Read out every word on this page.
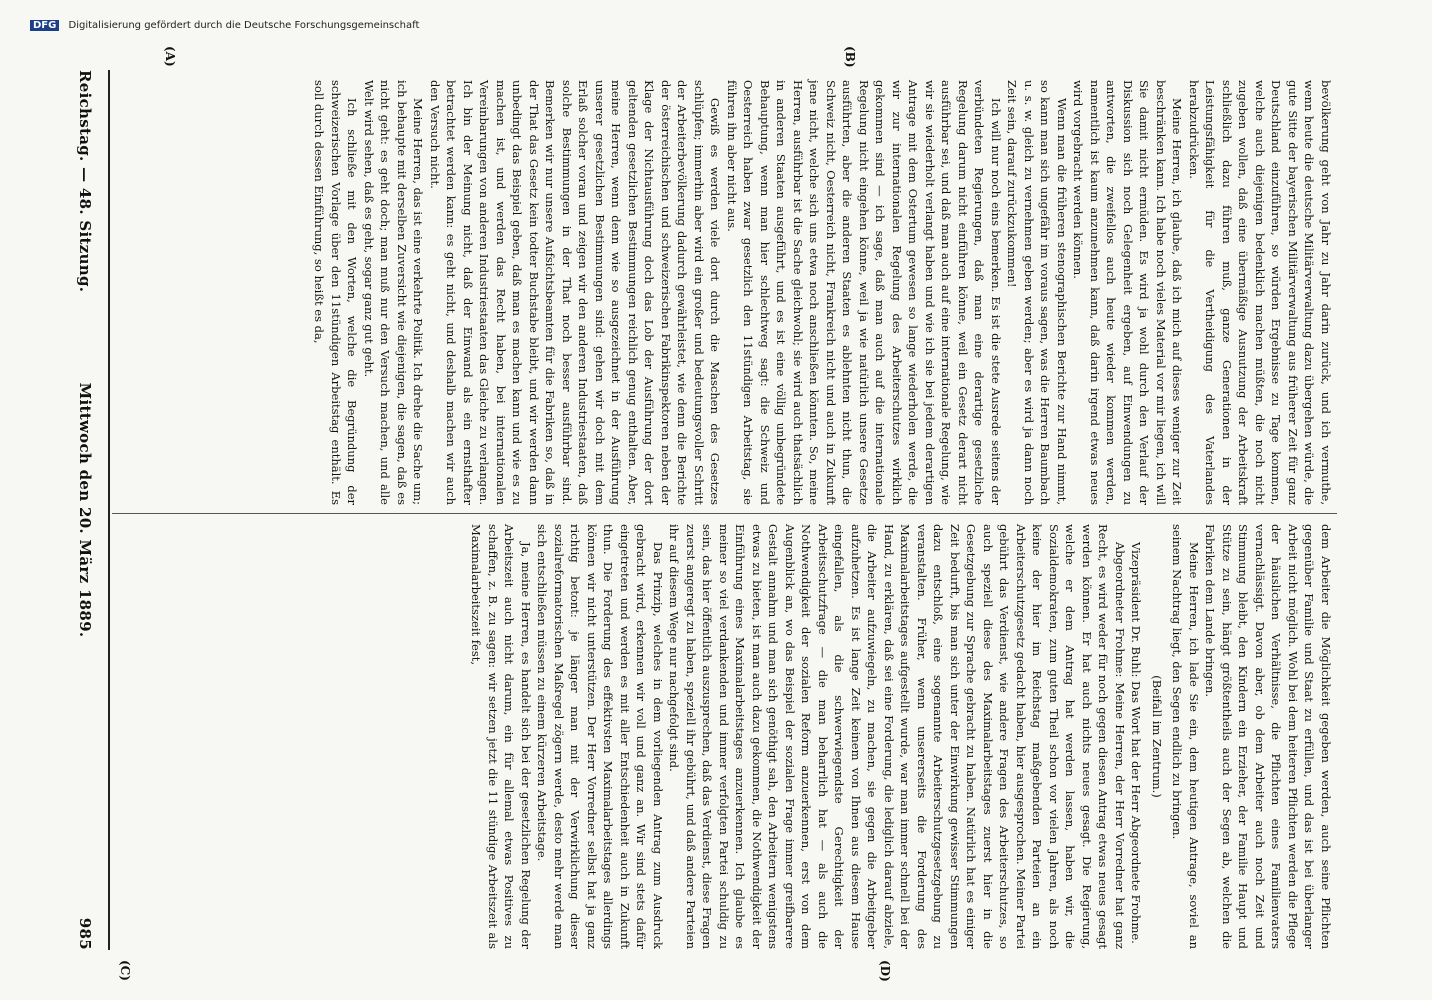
Reichstag. — 48. Sitzung.
Mittwoch den 20. März 1889.
985
(A)	(B)
(C)	(D)

bevölkerung geht von Jahr zu Jahr darin zurück, und ich vermuthe, wenn heute die deutsche Militärverwaltung dazu übergehen würde, die gute Sitte der bayerischen Militärverwaltung aus früherer Zeit für ganz Deutschland einzuführen, so würden Ergebnisse zu Tage kommen, welche auch diejenigen bedenklich machen müßten, die noch nicht zugeben wollen, daß eine übermäßige Ausnutzung der Arbeitskraft schließlich dazu führen muß, ganze Generationen in der Leistungsfähigkeit für die Vertheidigung des Vaterlandes herabzudrücken.

Meine Herren, ich glaube, daß ich mich auf dieses weniger zur Zeit beschränken kann. Ich habe noch vieles Material vor mir liegen, ich will Sie damit nicht ermüden. Es wird ja wohl durch den Verlauf der Diskussion sich noch Gelegenheit ergeben, auf Einwendungen zu antworten, die zweifellos auch heute wieder kommen werden, namentlich ist kaum anzunehmen kann, daß darin irgend etwas neues wird vorgebracht werden können.

Wenn man die früheren stenographischen Berichte zur Hand nimmt, so kann man sich ungefähr im voraus sagen, was die Herren Baumbach u. s. w. gleich zu vernehmen geben werden; aber es wird ja dann noch Zeit sein, darauf zurückzukommen!

Ich will nur noch eins bemerken. Es ist die stete Ausrede seitens der verbündeten Regierungen, daß man eine derartige gesetzliche Regelung darum nicht einführen könne, weil ein Gesetz derart nicht ausführbar sei, und daß man auch auf eine internationale Regelung, wie wir sie wiederholt verlangt haben und wie ich sie bei jedem derartigen Antrage mit dem Ostertum gewesen so lange wiederholen werde, die wir zur internationalen Regelung des Arbeiterschutzes wirklich gekommen sind — ich sage, daß man auch auf die internationale Regelung nicht eingehen könne, weil ja wie natürlich unsere Gesetze ausführten, aber die anderen Staaten es ablehnten nicht thun, die Schweiz nicht, Oesterreich nicht, Frankreich nicht und auch in Zukunft jene nicht, welche sich uns etwa noch anschließen könnten. So, meine Herren, ausführbar ist die Sache gleichwohl; sie wird auch thatsächlich in anderen Staaten ausgeführt, und es ist eine völlig unbegründete Behauptung, wenn man hier schlechtweg sagt: die Schweiz und Oesterreich haben zwar gesetzlich den 11stündigen Arbeitstag, sie führen ihn aber nicht aus.

Gewiß es werden viele dort durch die Maschen des Gesetzes schlüpfen; immerhin aber wird ein großer und bedeutungsvoller Schritt der Arbeiterbevölkerung dadurch gewährleistet, wie denn die Berichte der österreichischen und schweizerischen Fabrikinspektoren neben der Klage der Nichtausführung doch das Lob der Ausführung der dort geltenden gesetzlichen Bestimmungen reichlich genug enthalten. Aber, meine Herren, wenn denn wie so ausgezeichnet in der Ausführung unserer gesetzlichen Bestimmungen sind: gehen wir doch mit dem Erlaß solcher voran und zeigen wir den anderen Industriestaaten, daß solche Bestimmungen in der That noch besser ausführbar sind. Bemerken wir nur unsere Aufsichtsbeamten für die Fabriken so, daß in der That das Gesetz kein todter Buchstabe bleibt, und wir werden dann unbedingt das Beispiel geben, daß man es machen kann und wie es zu machen ist, und werden das Recht haben, bei internationalen Vereinbarungen von anderen Industriestaaten das Gleiche zu verlangen. Ich bin der Meinung nicht, daß der Einwand als ein ernsthafter betrachtet werden kann: es geht nicht, und deshalb machen wir auch den Versuch nicht.

Meine Herren, das ist eine verkehrte Politik. Ich drehe die Sache um; ich behaupte mit derselben Zuversicht wie diejenigen, die sagen, daß es nicht geht: es geht doch; man muß nur den Versuch machen, und alle Welt wird sehen, daß es geht, sogar ganz gut geht.

Ich schließe mit den Worten, welche die Begründung der schweizerischen Vorlage über den 11stündigen Arbeitstag enthält. Es soll durch dessen Einführung, so heißt es da,

dem Arbeiter die Möglichkeit gegeben werden, auch seine Pflichten gegenüber Familie und Staat zu erfüllen, und das ist bei überlanger Arbeit nicht möglich. Wohl bei dem heiteren Pflichten werden die Pflege der häuslichen Verhältnisse, die Pflichten eines Familienvaters vernachlässigt. Davon aber, ob dem Arbeiter auch noch Zeit und Stimmung bleibt, den Kindern ein Erzieher, der Familie Haupt und Stütze zu sein, hängt größtentheils auch der Segen ab, welchen die Fabriken dem Lande bringen.

Meine Herren, ich lade Sie ein, dem heutigen Antrage, soviel an seinem Nachtrag liegt, den Segen endlich zu bringen.

(Beifall im Zentrum.)

Vizepräsident Dr. Buhl: Das Wort hat der Herr Abgeordnete Frohme.

Abgeordneter Frohme: Meine Herren, der Herr Vorredner hat ganz Recht, es wird weder für noch gegen diesen Antrag etwas neues gesagt werden können. Er hat auch nichts neues gesagt. Die Regierung, welche er dem Antrag hat werden lassen, haben wir, die Sozialdemokraten, zum guten Theil schon vor vielen Jahren, als noch keine der hier im Reichstag maßgebenden Parteien an ein Arbeiterschutzgesetz gedacht haben, hier ausgesprochen. Meiner Partei gebührt das Verdienst, wie andere Fragen des Arbeiterschutzes, so auch speziell diese des Maximalarbeitstages zuerst hier in die Gesetzgebung zur Sprache gebracht zu haben. Natürlich hat es einiger Zeit bedurft, bis man sich unter der Einwirkung gewisser Stimmungen dazu entschloß, eine sogenannte Arbeiterschutzgesetzgebung zu veranstalten. Früher, wenn unsererseits die Forderung des Maximalarbeitstages aufgestellt wurde, war man immer schnell bei der Hand, zu erklären, daß sei eine Forderung, die lediglich darauf abziele, die Arbeiter aufzuwiegeln, zu machen, sie gegen die Arbeitgeber aufzuhetzen. Es ist lange Zeit keinem von Ihnen aus diesem Hause eingefallen, als die schwerwiegendste Gerechtigkeit der Arbeitsschutzfrage — die man beharrlich hat — als auch die Nothwendigkeit der sozialen Reform anzuerkennen, erst von dem Augenblick an, wo das Beispiel der sozialen Frage immer greifbarere Gestalt annahm und man sich genöthigt sah, den Arbeitern wenigstens etwas zu bieten, ist man auch dazu gekommen, die Nothwendigkeit der Einführung eines Maximalarbeitstages anzuerkennen. Ich glaube es meiner so viel verdankenden und immer verfolgten Partei schuldig zu sein, das hier öffentlich auszusprechen, daß das Verdienst, diese Fragen zuerst angeregt zu haben, speziell ihr gebührt, und daß andere Parteien ihr auf diesem Wege nur nachgefolgt sind.

Das Prinzip, welches in dem vorliegenden Antrag zum Ausdruck gebracht wird, erkennen wir voll und ganz an. Wir sind stets dafür eingetreten und werden es mit aller Entschiedenheit auch in Zukunft thun. Die Forderung des effektivsten Maximalarbeitstages allerdings können wir nicht unterstützen. Der Herr Vorredner selbst hat ja ganz richtig betont: je länger man mit der Verwirklichung dieser sozialreformatorischen Maßregel zögern werde, desto mehr werde man sich entschließen müssen zu einem kürzeren Arbeitstage.

Ja, meine Herren, es handelt sich bei der gesetzlichen Regelung der Arbeitszeit auch nicht darum, ein für allemal etwas Positives zu schaffen, z. B. zu sagen: wir setzen jetzt die 11 stündige Arbeitszeit als Maximalarbeitszeit fest,

DFG Digitalisierung gefördert durch die Deutsche Forschungsgemeinschaft
